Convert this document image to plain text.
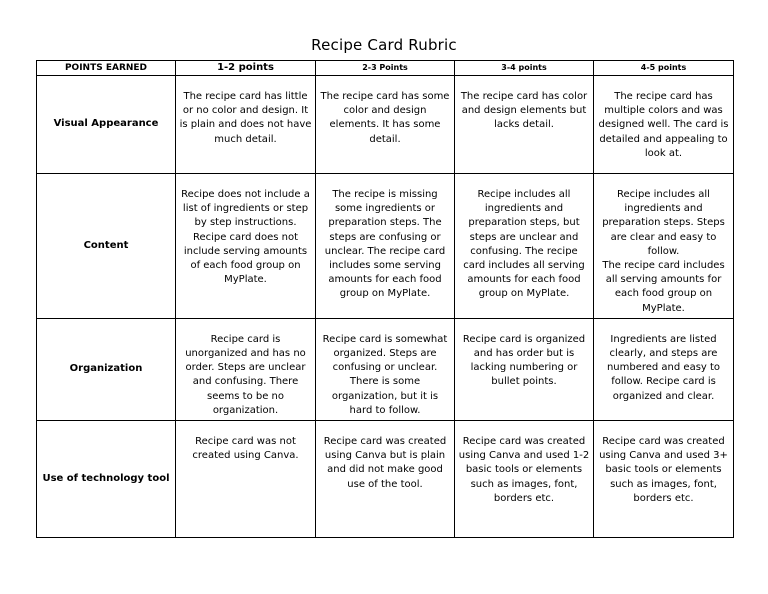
Recipe Card Rubric
POINTS EARNED	1-2 points	2-3 Points	3-4 points	4-5 points
Visual Appearance	The recipe card has little or no color and design. It is plain and does not have much detail.	The recipe card has some color and design elements. It has some detail.	The recipe card has color and design elements but lacks detail.	The recipe card has multiple colors and was designed well. The card is detailed and appealing to look at.

Content	Recipe does not include a list of ingredients or step by step instructions. Recipe card does not include serving amounts of each food group on MyPlate.	The recipe is missing some ingredients or preparation steps. The steps are confusing or unclear. The recipe card includes some serving amounts for each food group on MyPlate.	Recipe includes all ingredients and preparation steps, but steps are unclear and confusing. The recipe card includes all serving amounts for each food group on MyPlate.	Recipe includes all ingredients and preparation steps. Steps are clear and easy to follow.
The recipe card includes all serving amounts for each food group on MyPlate.

Organization	Recipe card is unorganized and has no order. Steps are unclear and confusing. There seems to be no organization.	Recipe card is somewhat organized. Steps are confusing or unclear. There is some organization, but it is hard to follow.	Recipe card is organized and has order but is lacking numbering or bullet points.	Ingredients are listed clearly, and steps are numbered and easy to follow. Recipe card is organized and clear.

Use of technology tool	Recipe card was not created using Canva.	Recipe card was created using Canva but is plain and did not make good use of the tool.	Recipe card was created using Canva and used 1-2 basic tools or elements such as images, font, borders etc.	Recipe card was created using Canva and used 3+ basic tools or elements such as images, font, borders etc.
